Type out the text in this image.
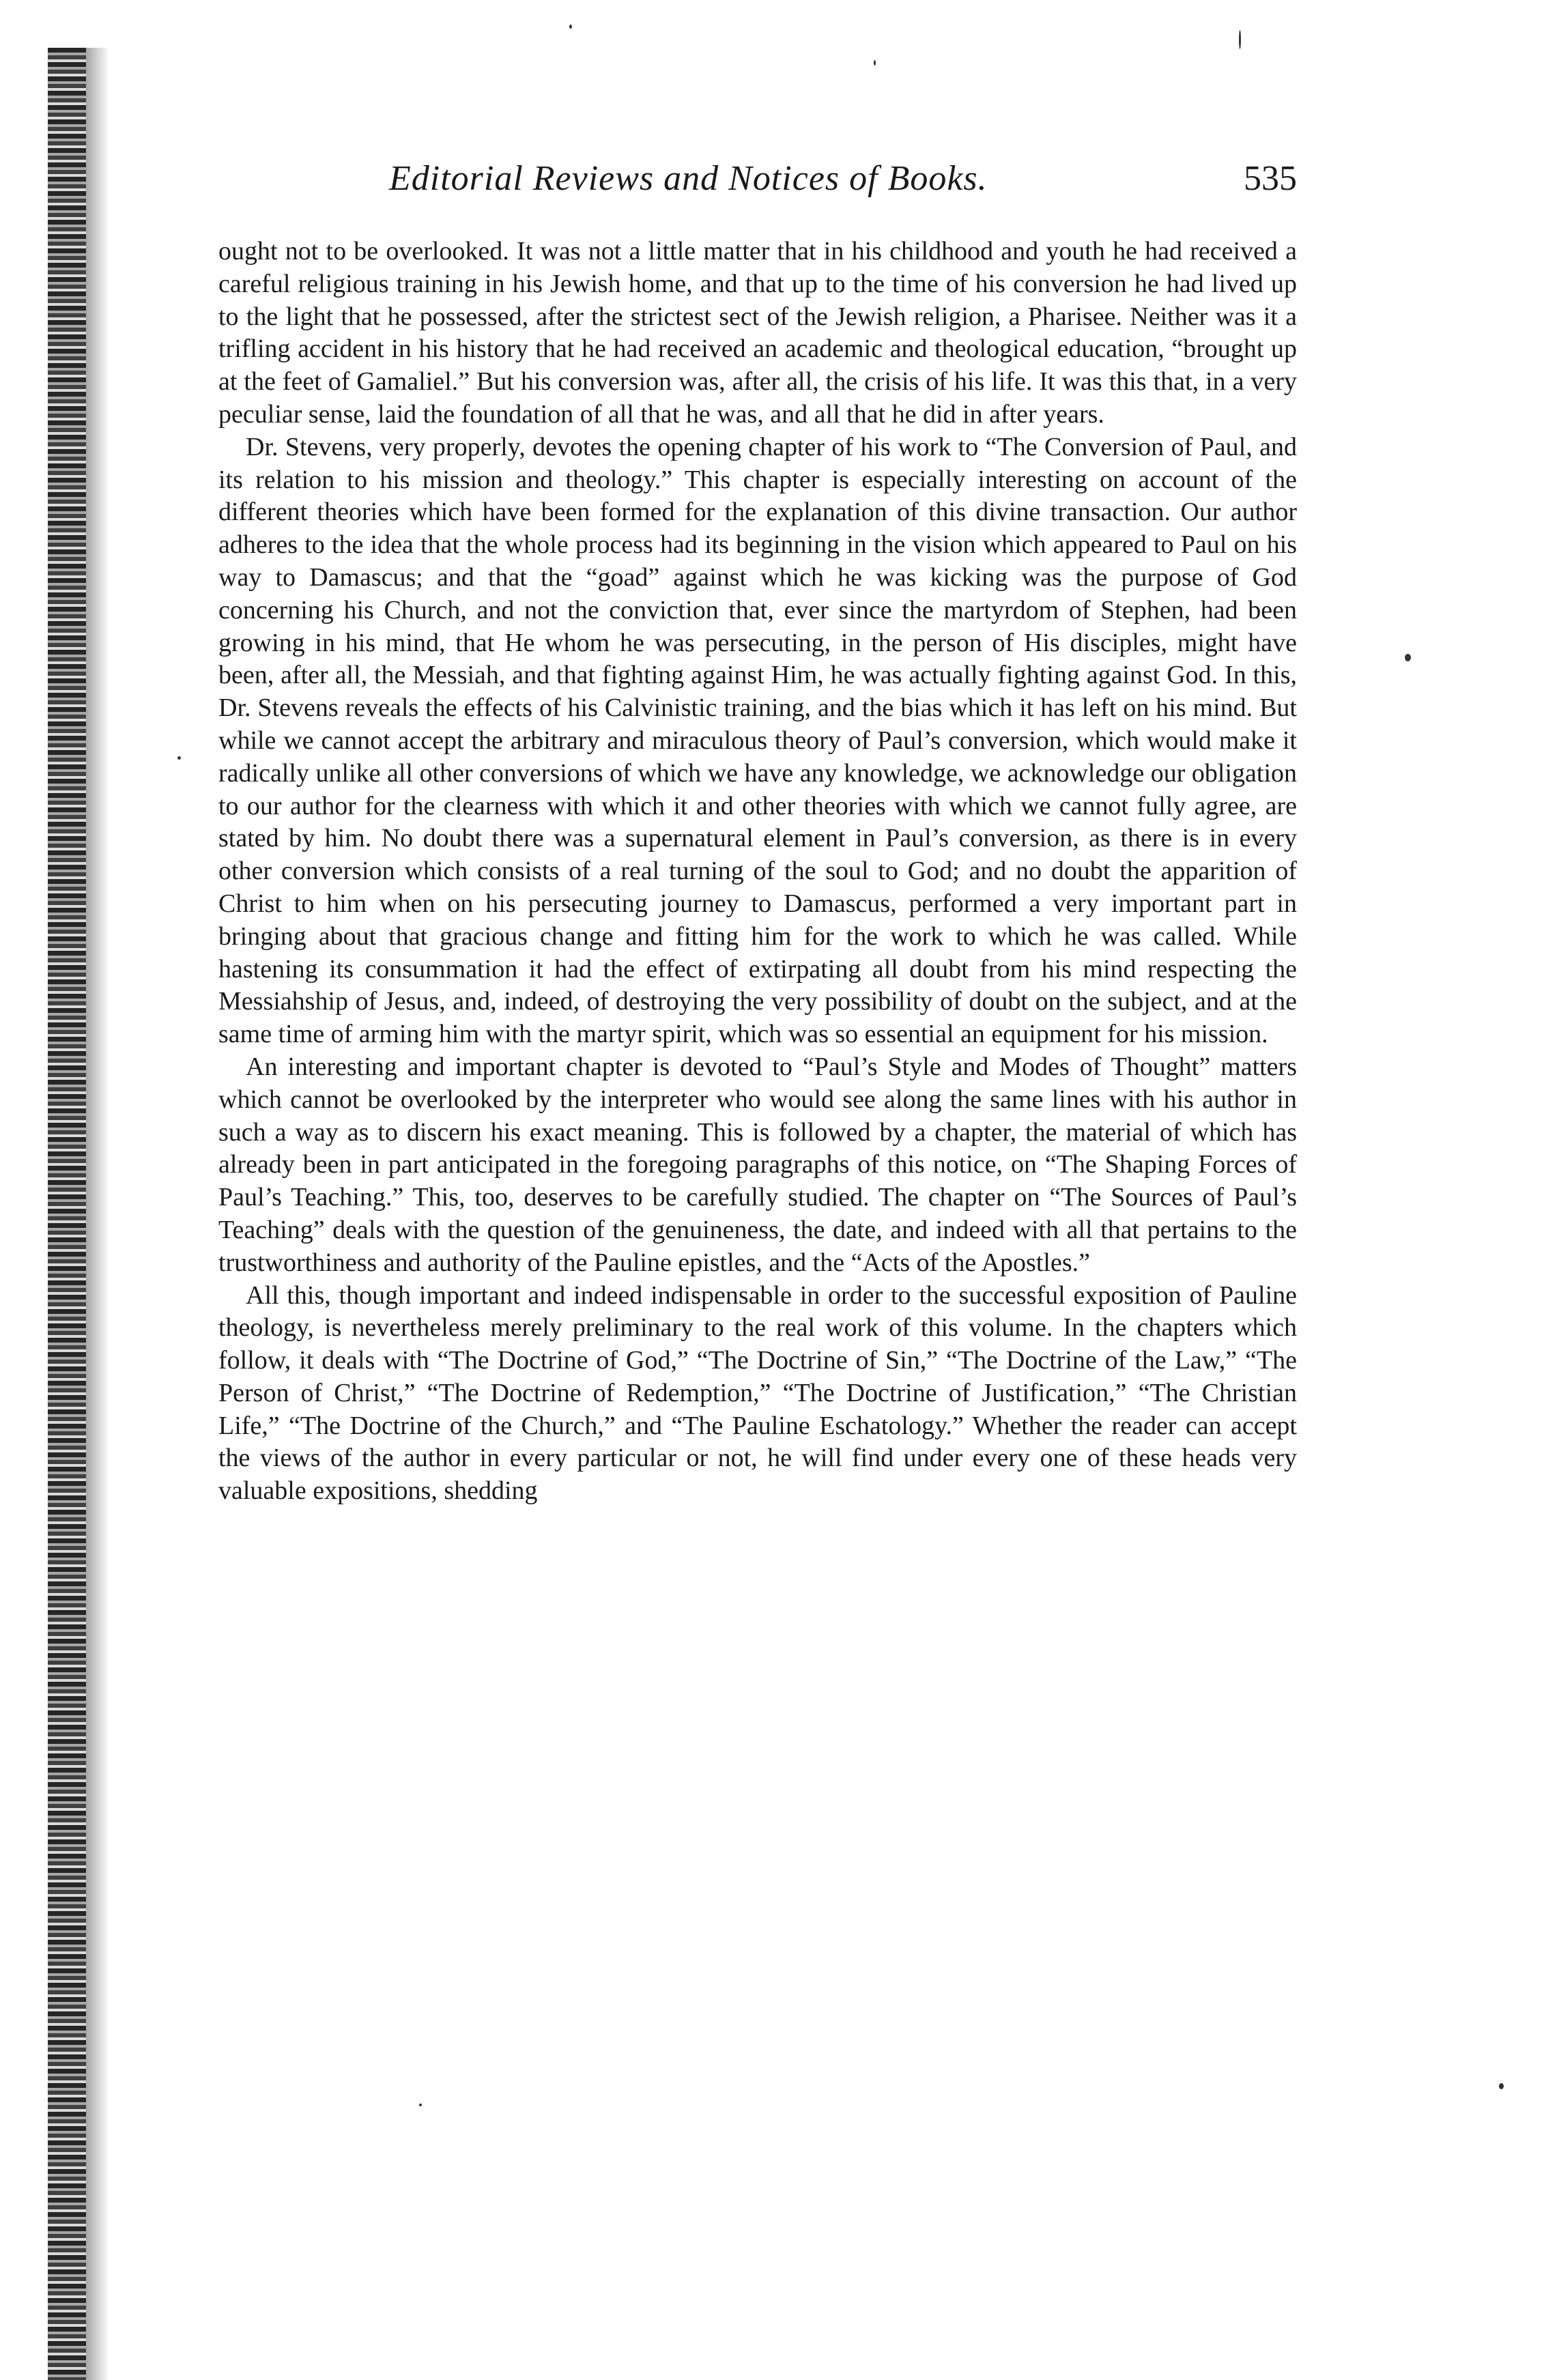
Editorial Reviews and Notices of Books.	535

ought not to be overlooked. It was not a little matter that in his childhood and youth he had received a careful religious training in his Jewish home, and that up to the time of his conversion he had lived up to the light that he possessed, after the strictest sect of the Jewish religion, a Pharisee. Neither was it a trifling accident in his history that he had received an academic and theological education, “brought up at the feet of Gamaliel.” But his conversion was, after all, the crisis of his life. It was this that, in a very peculiar sense, laid the foundation of all that he was, and all that he did in after years.

Dr. Stevens, very properly, devotes the opening chapter of his work to “The Conversion of Paul, and its relation to his mission and theology.” This chapter is especially interesting on account of the different theories which have been formed for the explanation of this divine transaction. Our author adheres to the idea that the whole process had its beginning in the vision which appeared to Paul on his way to Damascus; and that the “goad” against which he was kicking was the purpose of God concerning his Church, and not the conviction that, ever since the martyrdom of Stephen, had been growing in his mind, that He whom he was persecuting, in the person of His disciples, might have been, after all, the Messiah, and that fighting against Him, he was actually fighting against God. In this, Dr. Stevens reveals the effects of his Calvinistic training, and the bias which it has left on his mind. But while we cannot accept the arbitrary and miraculous theory of Paul’s conversion, which would make it radically unlike all other conversions of which we have any knowledge, we acknowledge our obligation to our author for the clearness with which it and other theories with which we cannot fully agree, are stated by him. No doubt there was a supernatural element in Paul’s conversion, as there is in every other conversion which consists of a real turning of the soul to God; and no doubt the apparition of Christ to him when on his persecuting journey to Damascus, performed a very important part in bringing about that gracious change and fitting him for the work to which he was called. While hastening its consummation it had the effect of extirpating all doubt from his mind respecting the Messiahship of Jesus, and, indeed, of destroying the very possibility of doubt on the subject, and at the same time of arming him with the martyr spirit, which was so essential an equipment for his mission.

An interesting and important chapter is devoted to “Paul’s Style and Modes of Thought” matters which cannot be overlooked by the interpreter who would see along the same lines with his author in such a way as to discern his exact meaning. This is followed by a chapter, the material of which has already been in part anticipated in the foregoing paragraphs of this notice, on “The Shaping Forces of Paul’s Teaching.” This, too, deserves to be carefully studied. The chapter on “The Sources of Paul’s Teaching” deals with the question of the genuineness, the date, and indeed with all that pertains to the trustworthiness and authority of the Pauline epistles, and the “Acts of the Apostles.”

All this, though important and indeed indispensable in order to the successful exposition of Pauline theology, is nevertheless merely preliminary to the real work of this volume. In the chapters which follow, it deals with “The Doctrine of God,” “The Doctrine of Sin,” “The Doctrine of the Law,” “The Person of Christ,” “The Doctrine of Redemption,” “The Doctrine of Justification,” “The Christian Life,” “The Doctrine of the Church,” and “The Pauline Eschatology.” Whether the reader can accept the views of the author in every particular or not, he will find under every one of these heads very valuable expositions, shedding
